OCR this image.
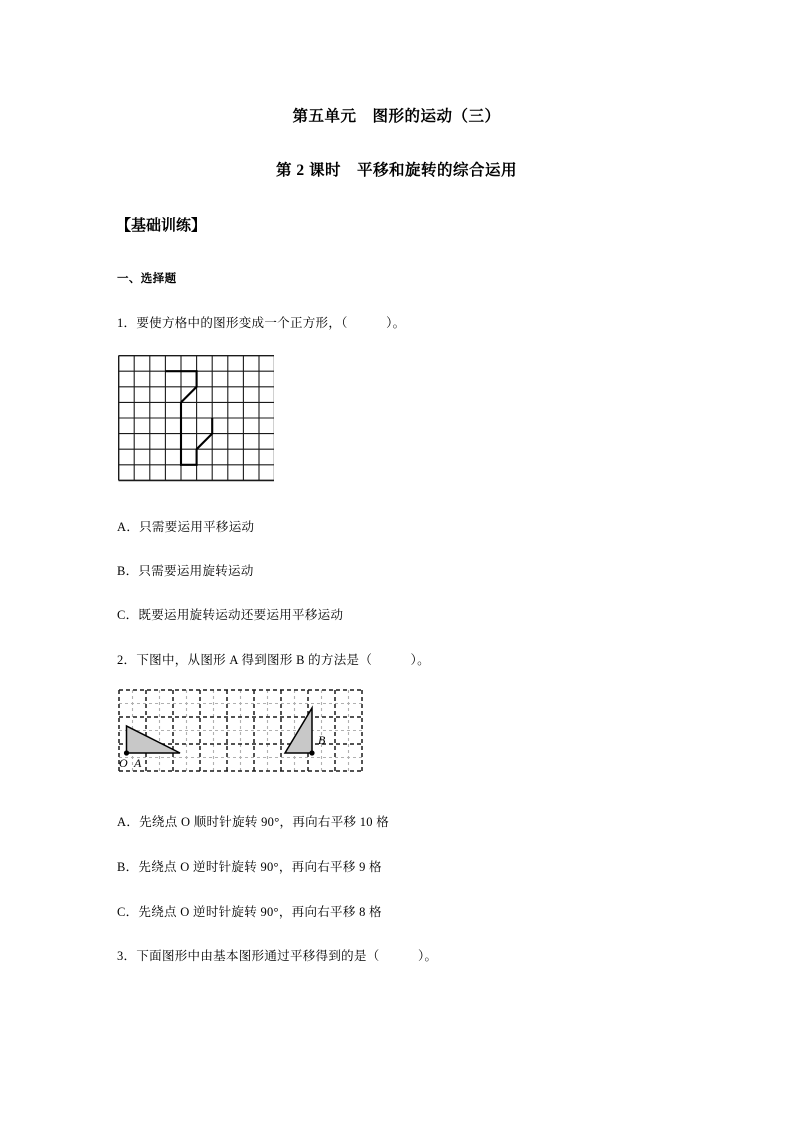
第五单元　图形的运动（三）
第 2 课时　平移和旋转的综合运用
【基础训练】
一、选择题
1．要使方格中的图形变成一个正方形，（　　　）。
A．只需要运用平移运动
B．只需要运用旋转运动
C．既要运用旋转运动还要运用平移运动
2．下图中，从图形 A 得到图形 B 的方法是（　　　）。
O A
B
A．先绕点 O 顺时针旋转 90°，再向右平移 10 格
B．先绕点 O 逆时针旋转 90°，再向右平移 9 格
C．先绕点 O 逆时针旋转 90°，再向右平移 8 格
3．下面图形中由基本图形通过平移得到的是（　　　）。
